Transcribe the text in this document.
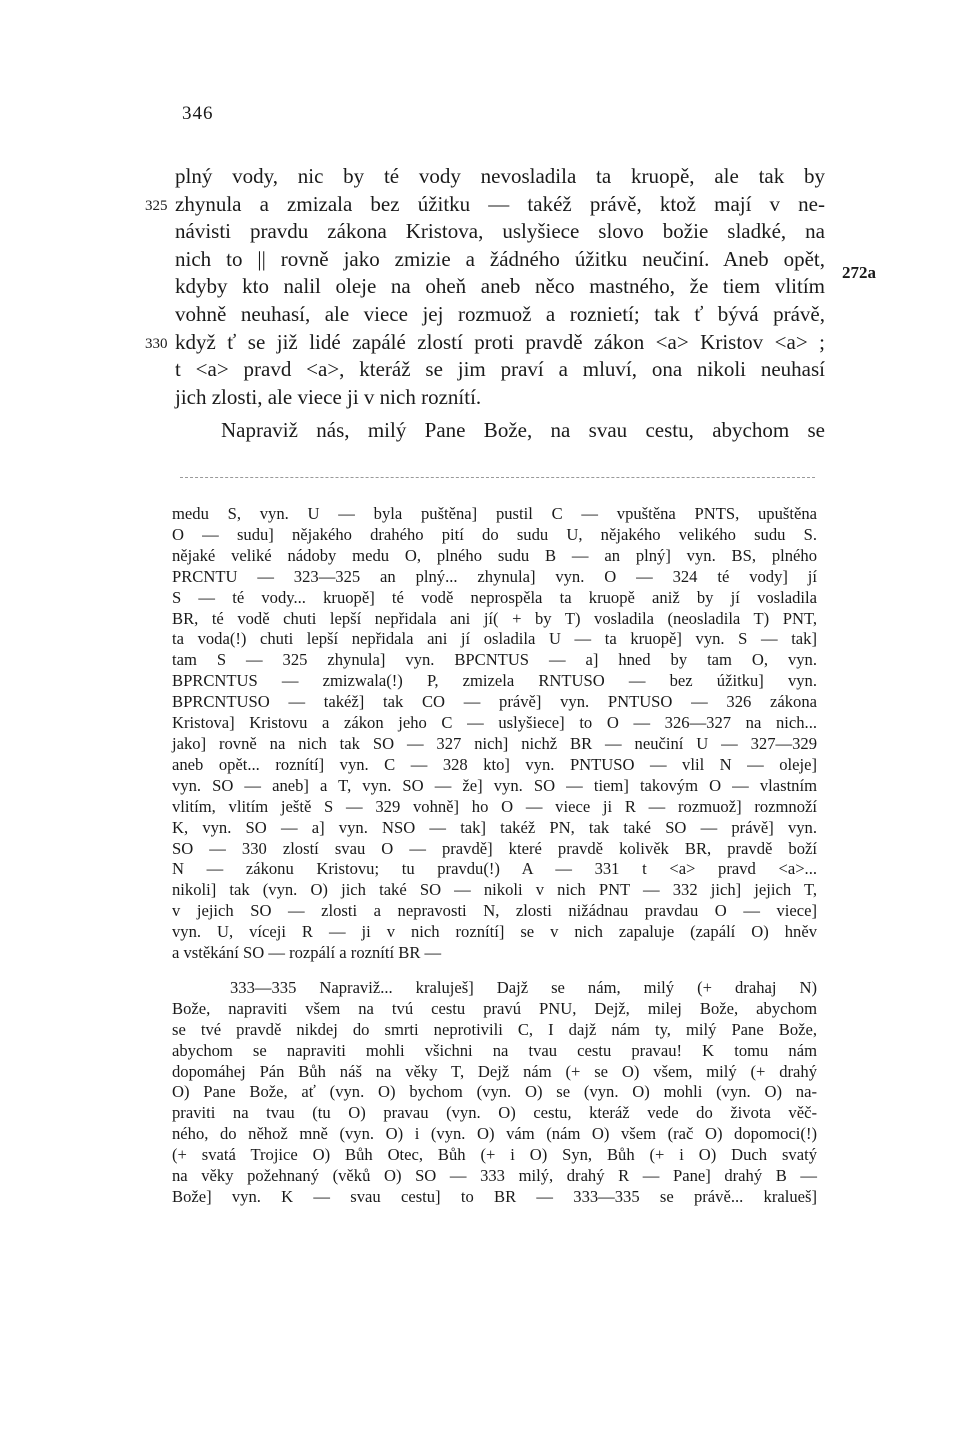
346
plný vody, nic by té vody nevosladila ta kruopě, ale tak by
325 zhynula a zmizala bez úžitku — takéž právě, ktož mají v ne-
návisti pravdu zákona Kristova, uslyšiece slovo božie sladké, na
nich to || rovně jako zmizie a žádného úžitku neučiní. Aneb opět,
kdyby kto nalil oleje na oheň aneb něco mastného, že tiem vlitím
vohně neuhasí, ale viece jej rozmuož a roznietí; tak ť bývá právě,
330 když ť se již lidé zapálé zlostí proti pravdě zákon <a> Kristov <a> ;
t <a> pravd <a>, kteráž se jim praví a mluví, ona nikoli neuhasí
jich zlosti, ale viece ji v nich roznítí.
Napraviž nás, milý Pane Bože, na svau cestu, abychom se
272a
medu S, vyn. U — byla puštěna] pustil C — vpuštěna PNTS, upuštěna
O — sudu] nějakého drahého pití do sudu U, nějakého velikého sudu S.
nějaké veliké nádoby medu O, plného sudu B — an plný] vyn. BS, plného
PRCNTU — 323—325 an plný... zhynula] vyn. O — 324 té vody] jí
S — té vody... kruopě] té vodě neprospěla ta kruopě aniž by jí vosladila
BR, té vodě chuti lepší nepřidala ani jí( + by T) vosladila (neosladila T) PNT,
ta voda(!) chuti lepší nepřidala ani jí osladila U — ta kruopě] vyn. S — tak]
tam S — 325 zhynula] vyn. BPCNTUS — a] hned by tam O, vyn.
BPRCNTUS — zmizwala(!) P, zmizela RNTUSO — bez úžitku] vyn.
BPRCNTUSO — takéž] tak CO — právě] vyn. PNTUSO — 326 zákona
Kristova] Kristovu a zákon jeho C — uslyšiece] to O — 326—327 na nich...
jako] rovně na nich tak SO — 327 nich] nichž BR — neučiní U — 327—329
aneb opět... roznítí] vyn. C — 328 kto] vyn. PNTUSO — vlil N — oleje]
vyn. SO — aneb] a T, vyn. SO — že] vyn. SO — tiem] takovým O — vlastním
vlitím, vlitím ještě S — 329 vohně] ho O — viece ji R — rozmuož] rozmnoží
K, vyn. SO — a] vyn. NSO — tak] takéž PN, tak také SO — právě] vyn.
SO — 330 zlostí svau O — pravdě] které pravdě kolivěk BR, pravdě boží
N — zákonu Kristovu; tu pravdu(!) A — 331 t <a> pravd <a>...
nikoli] tak (vyn. O) jich také SO — nikoli v nich PNT — 332 jich] jejich T,
v jejich SO — zlosti a nepravosti N, zlosti nižádnau pravdau O — viece]
vyn. U, víceji R — ji v nich roznítí] se v nich zapaluje (zapálí O) hněv
a vstěkání SO — rozpálí a roznítí BR —
333—335 Napraviž... kraluješ] Dajž se nám, milý (+ drahaj N)
Bože, napraviti všem na tvú cestu pravú PNU, Dejž, milej Bože, abychom
se tvé pravdě nikdej do smrti neprotivili C, I dajž nám ty, milý Pane Bože,
abychom se napraviti mohli všichni na tvau cestu pravau! K tomu nám
dopomáhej Pán Bůh náš na věky T, Dejž nám (+ se O) všem, milý (+ drahý
O) Pane Bože, ať (vyn. O) bychom (vyn. O) se (vyn. O) mohli (vyn. O) na-
praviti na tvau (tu O) pravau (vyn. O) cestu, kteráž vede do života věč-
ného, do něhož mně (vyn. O) i (vyn. O) vám (nám O) všem (rač O) dopomoci(!)
(+ svatá Trojice O) Bůh Otec, Bůh (+ i O) Syn, Bůh (+ i O) Duch svatý
na věky požehnaný (věků O) SO — 333 milý, drahý R — Pane] drahý B —
Bože] vyn. K — svau cestu] to BR — 333—335 se právě... kralueš]
